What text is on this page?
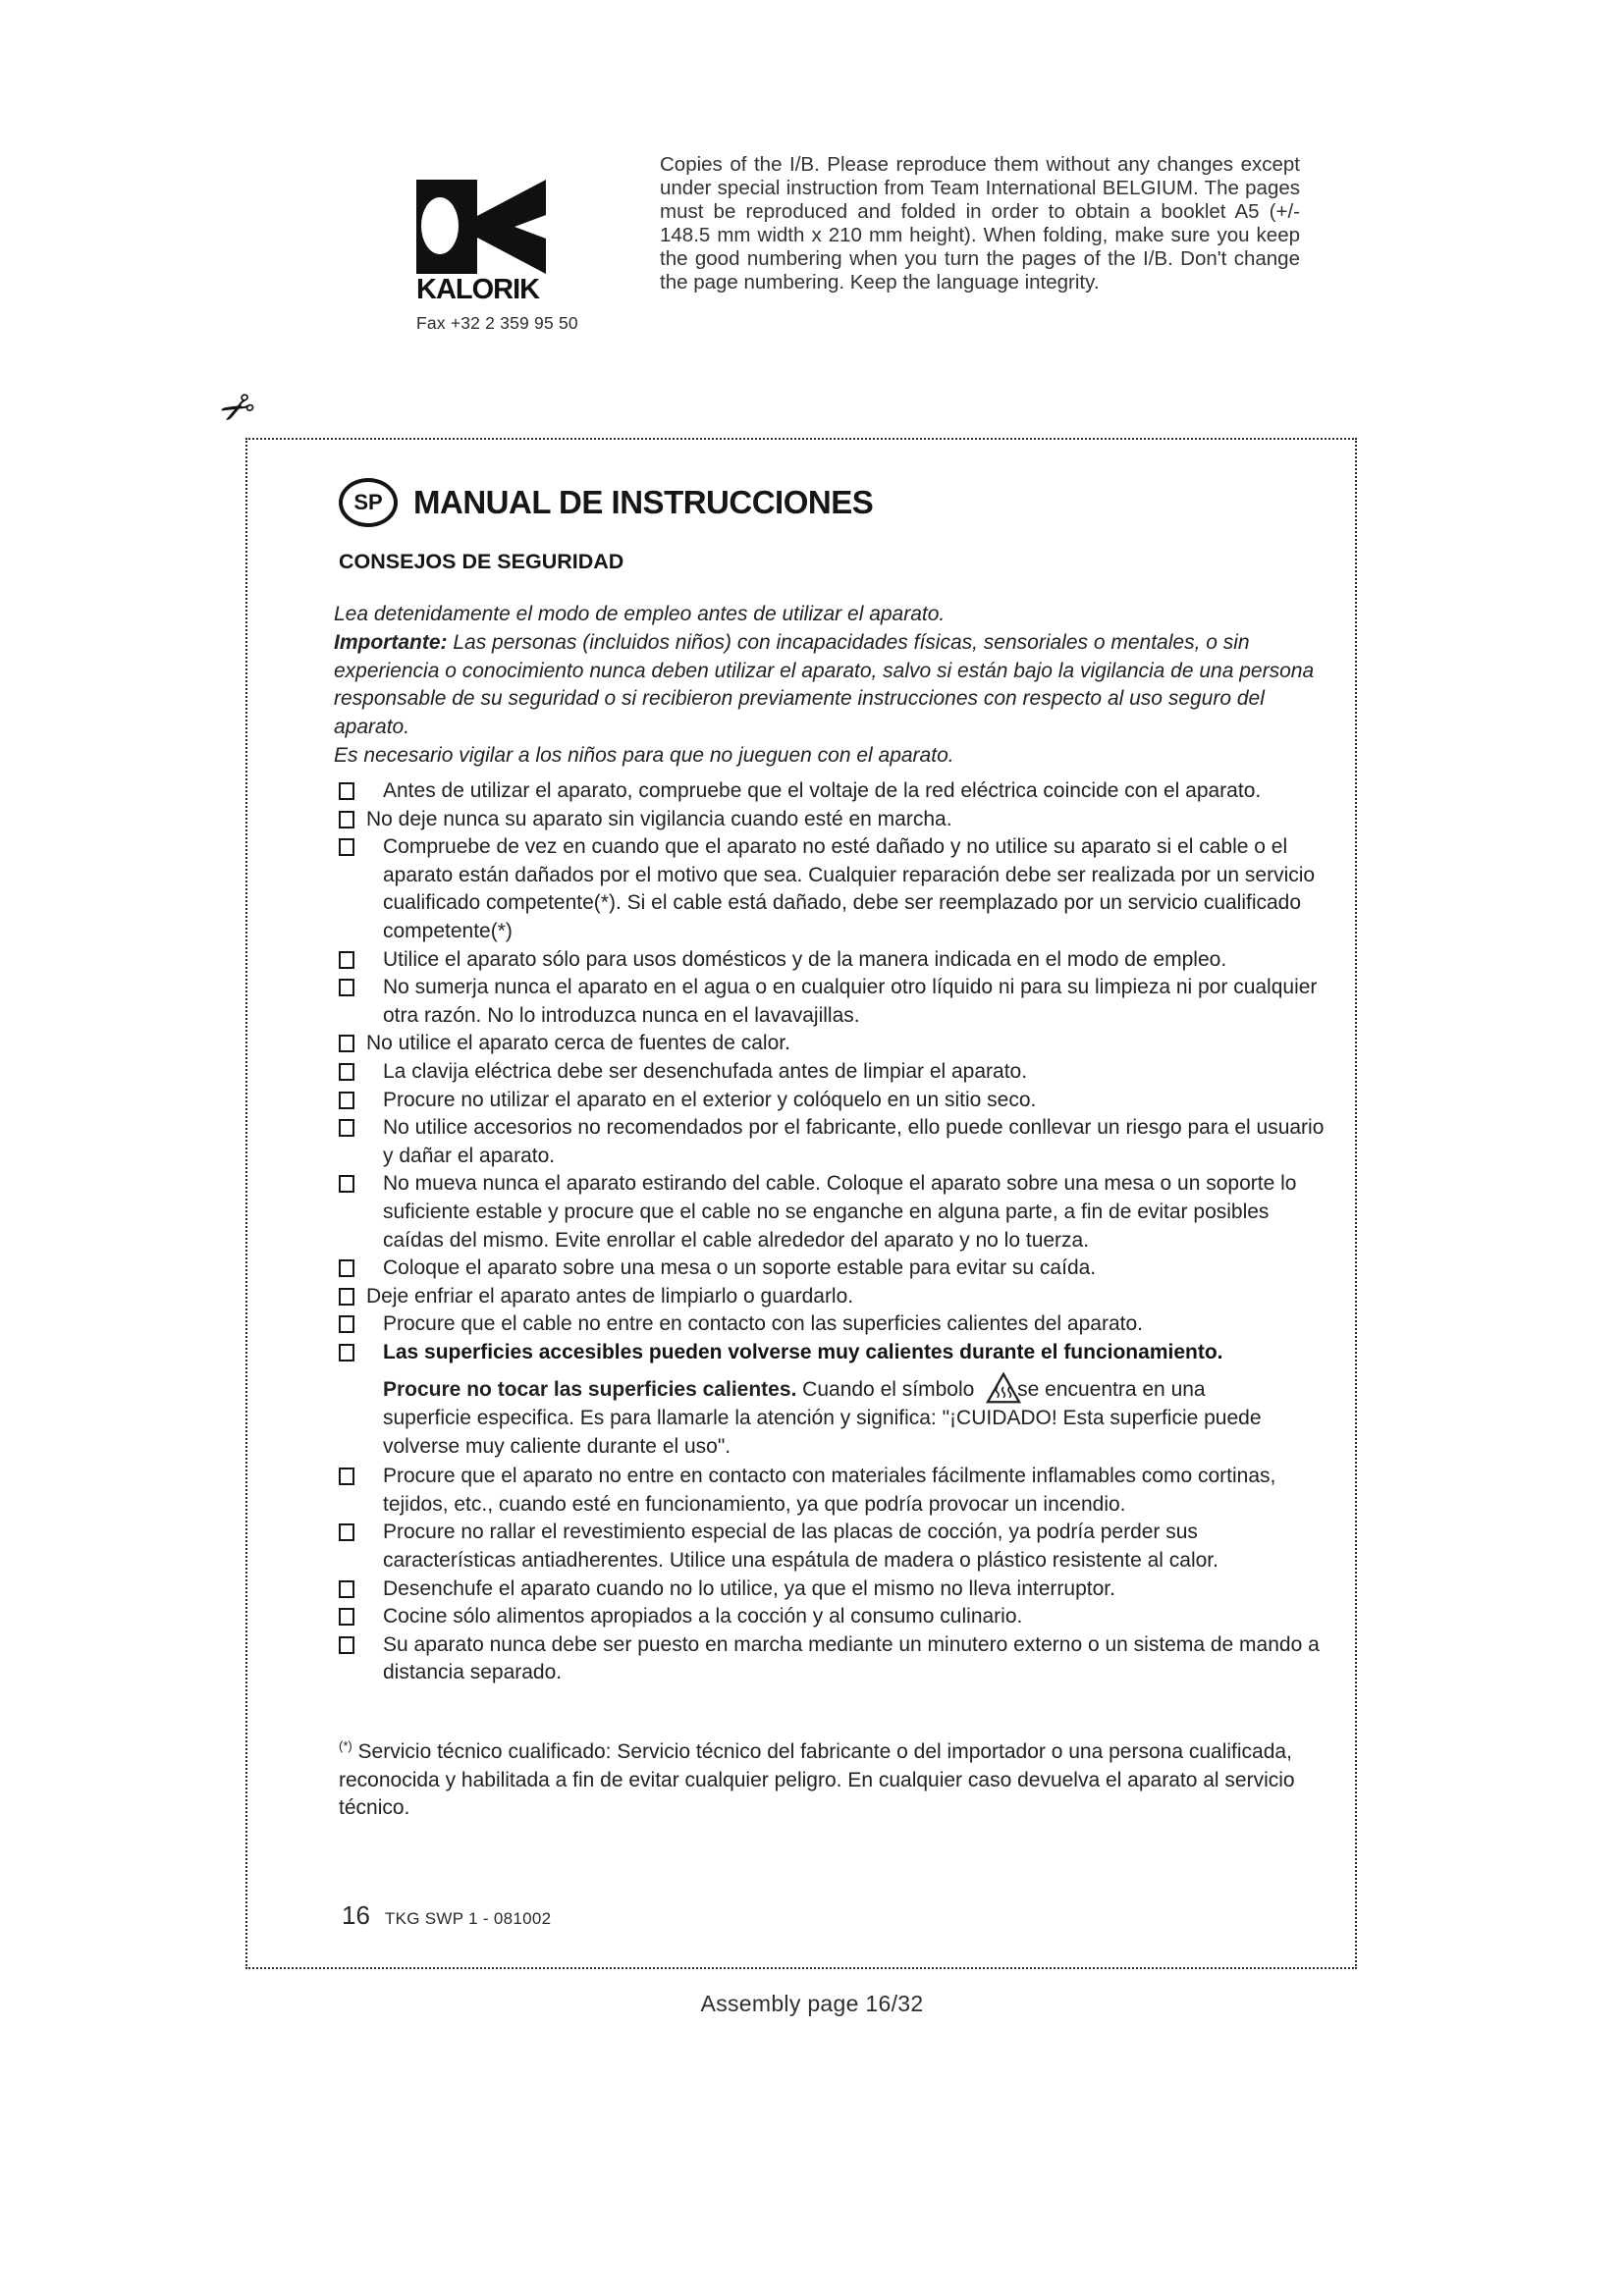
KALORIK
Fax +32 2 359 95 50
Copies of the I/B. Please reproduce them without any changes except under special instruction from Team International BELGIUM. The pages must be reproduced and folded in order to obtain a booklet A5 (+/- 148.5 mm width x 210 mm height). When folding, make sure you keep the good numbering when you turn the pages of the I/B. Don't change the page numbering. Keep the language integrity.
✂
SP MANUAL DE INSTRUCCIONES
CONSEJOS DE SEGURIDAD

Lea detenidamente el modo de empleo antes de utilizar el aparato.

Importante: Las personas (incluidos niños) con incapacidades físicas, sensoriales o mentales, o sin experiencia o conocimiento nunca deben utilizar el aparato, salvo si están bajo la vigilancia de una persona responsable de su seguridad o si recibieron previamente instrucciones con respecto al uso seguro del aparato.

Es necesario vigilar a los niños para que no jueguen con el aparato.

Antes de utilizar el aparato, compruebe que el voltaje de la red eléctrica coincide con el aparato.
No deje nunca su aparato sin vigilancia cuando esté en marcha.
Compruebe de vez en cuando que el aparato no esté dañado y no utilice su aparato si el cable o el aparato están dañados por el motivo que sea. Cualquier reparación debe ser realizada por un servicio cualificado competente(*). Si el cable está dañado, debe ser reemplazado por un servicio cualificado competente(*)
Utilice el aparato sólo para usos domésticos y de la manera indicada en el modo de empleo.
No sumerja nunca el aparato en el agua o en cualquier otro líquido ni para su limpieza ni por cualquier otra razón. No lo introduzca nunca en el lavavajillas.
No utilice el aparato cerca de fuentes de calor.
La clavija eléctrica debe ser desenchufada antes de limpiar el aparato.
Procure no utilizar el aparato en el exterior y colóquelo en un sitio seco.
No utilice accesorios no recomendados por el fabricante, ello puede conllevar un riesgo para el usuario y dañar el aparato.
No mueva nunca el aparato estirando del cable. Coloque el aparato sobre una mesa o un soporte lo suficiente estable y procure que el cable no se enganche en alguna parte, a fin de evitar posibles caídas del mismo. Evite enrollar el cable alrededor del aparato y no lo tuerza.
Coloque el aparato sobre una mesa o un soporte estable para evitar su caída.
Deje enfriar el aparato antes de limpiarlo o guardarlo.
Procure que el cable no entre en contacto con las superficies calientes del aparato.
Las superficies accesibles pueden volverse muy calientes durante el funcionamiento.
Procure no tocar las superficies calientes. Cuando el símbolo se encuentra en una superficie especifica. Es para llamarle la atención y significa: "¡CUIDADO! Esta superficie puede volverse muy caliente durante el uso".
Procure que el aparato no entre en contacto con materiales fácilmente inflamables como cortinas, tejidos, etc., cuando esté en funcionamiento, ya que podría provocar un incendio.
Procure no rallar el revestimiento especial de las placas de cocción, ya podría perder sus características antiadherentes. Utilice una espátula de madera o plástico resistente al calor.
Desenchufe el aparato cuando no lo utilice, ya que el mismo no lleva interruptor.
Cocine sólo alimentos apropiados a la cocción y al consumo culinario.
Su aparato nunca debe ser puesto en marcha mediante un minutero externo o un sistema de mando a distancia separado.
(*) Servicio técnico cualificado: Servicio técnico del fabricante o del importador o una persona cualificada, reconocida y habilitada a fin de evitar cualquier peligro. En cualquier caso devuelva el aparato al servicio técnico.
16 TKG SWP 1 - 081002
Assembly page 16/32
